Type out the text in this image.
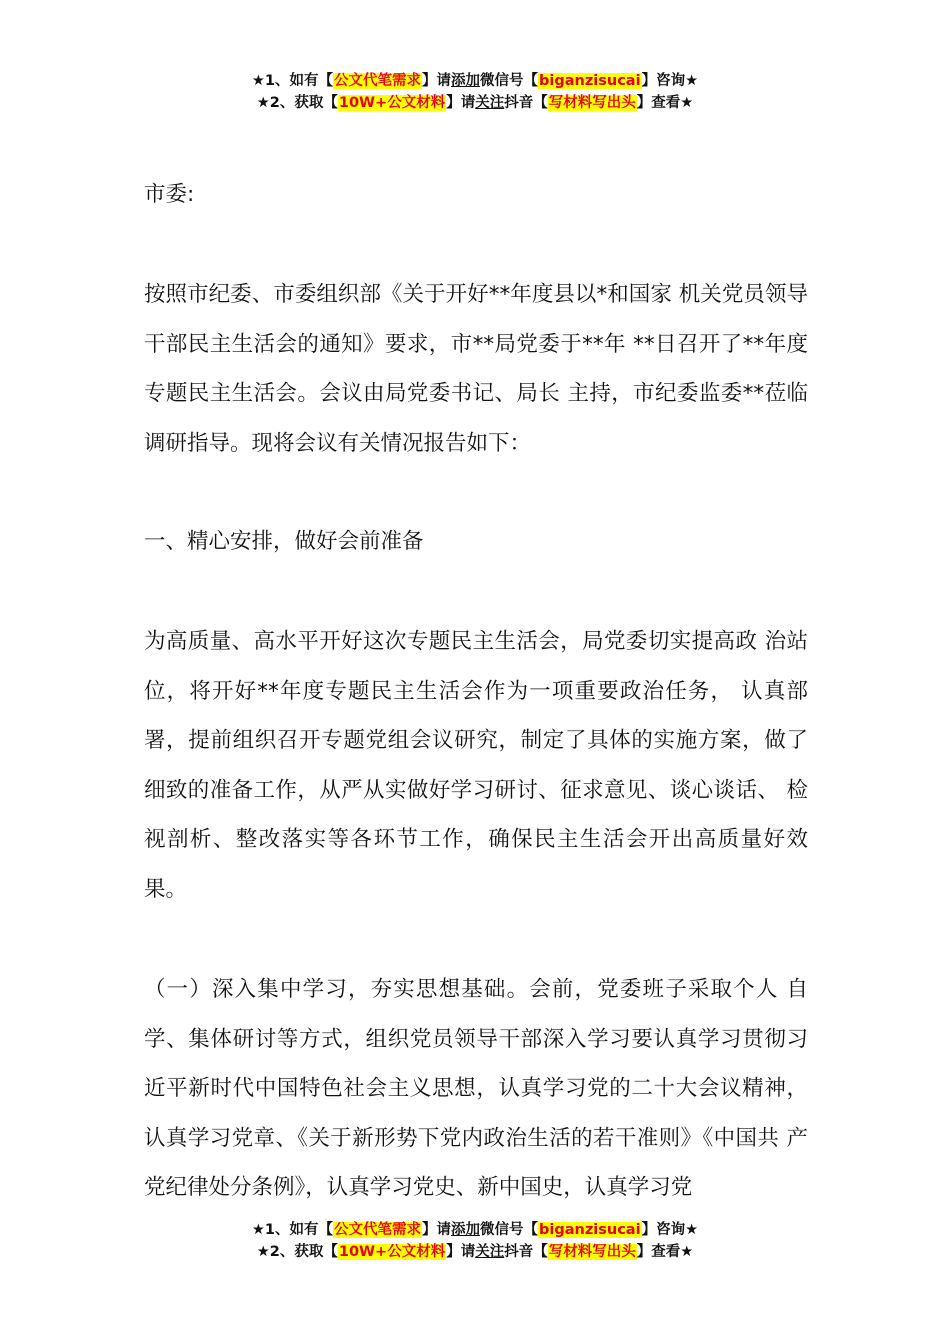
★1、如有【公文代笔需求】请添加微信号【biganzisucai】咨询★
★2、获取【10W+公文材料】请关注抖音【写材料写出头】查看★

市委:

按照市纪委、市委组织部《关于开好**年度县以*和国家 机关党员领导干部民主生活会的通知》要求，市**局党委于**年 **日召开了**年度专题民主生活会。会议由局党委书记、局长 主持，市纪委监委**莅临调研指导。现将会议有关情况报告如下：

一、精心安排，做好会前准备

为高质量、高水平开好这次专题民主生活会，局党委切实提高政 治站位，将开好**年度专题民主生活会作为一项重要政治任务， 认真部署，提前组织召开专题党组会议研究，制定了具体的实施方案，做了细致的准备工作，从严从实做好学习研讨、征求意见、谈心谈话、 检视剖析、整改落实等各环节工作，确保民主生活会开出高质量好效 果。

（一）深入集中学习，夯实思想基础。会前，党委班子采取个人 自学、集体研讨等方式，组织党员领导干部深入学习要认真学习贯彻习近平新时代中国特色社会主义思想，认真学习党的二十大会议精神，认真学习党章、《关于新形势下党内政治生活的若干准则》《中国共 产党纪律处分条例》，认真学习党史、新中国史，认真学习党

★1、如有【公文代笔需求】请添加微信号【biganzisucai】咨询★
★2、获取【10W+公文材料】请关注抖音【写材料写出头】查看★
